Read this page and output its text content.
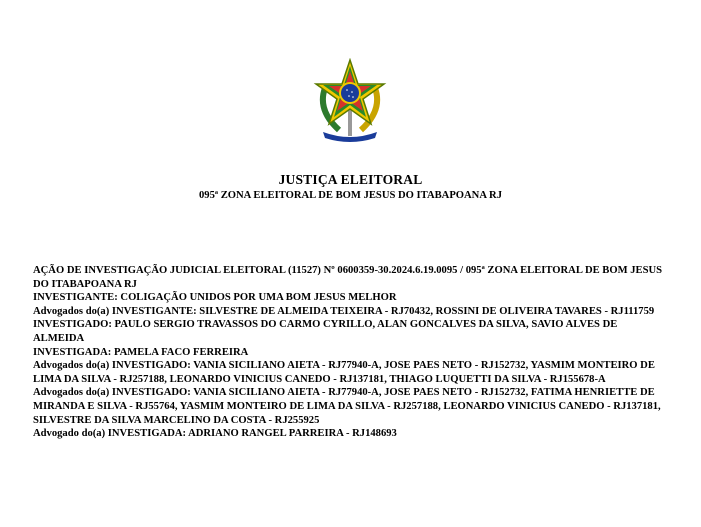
JUSTIÇA ELEITORAL
095ª ZONA ELEITORAL DE BOM JESUS DO ITABAPOANA RJ

AÇÃO DE INVESTIGAÇÃO JUDICIAL ELEITORAL (11527) Nº 0600359-30.2024.6.19.0095 / 095ª ZONA ELEITORAL DE BOM JESUS DO ITABAPOANA RJ

INVESTIGANTE: COLIGAÇÃO UNIDOS POR UMA BOM JESUS MELHOR

Advogados do(a) INVESTIGANTE: SILVESTRE DE ALMEIDA TEIXEIRA - RJ70432, ROSSINI DE OLIVEIRA TAVARES - RJ111759

INVESTIGADO: PAULO SERGIO TRAVASSOS DO CARMO CYRILLO, ALAN GONCALVES DA SILVA, SAVIO ALVES DE ALMEIDA

INVESTIGADA: PAMELA FACO FERREIRA

Advogados do(a) INVESTIGADO: VANIA SICILIANO AIETA - RJ77940-A, JOSE PAES NETO - RJ152732, YASMIM MONTEIRO DE LIMA DA SILVA - RJ257188, LEONARDO VINICIUS CANEDO - RJ137181, THIAGO LUQUETTI DA SILVA - RJ155678-A

Advogados do(a) INVESTIGADO: VANIA SICILIANO AIETA - RJ77940-A, JOSE PAES NETO - RJ152732, FATIMA HENRIETTE DE MIRANDA E SILVA - RJ55764, YASMIM MONTEIRO DE LIMA DA SILVA - RJ257188, LEONARDO VINICIUS CANEDO - RJ137181, SILVESTRE DA SILVA MARCELINO DA COSTA - RJ255925

Advogado do(a) INVESTIGADA: ADRIANO RANGEL PARREIRA - RJ148693
